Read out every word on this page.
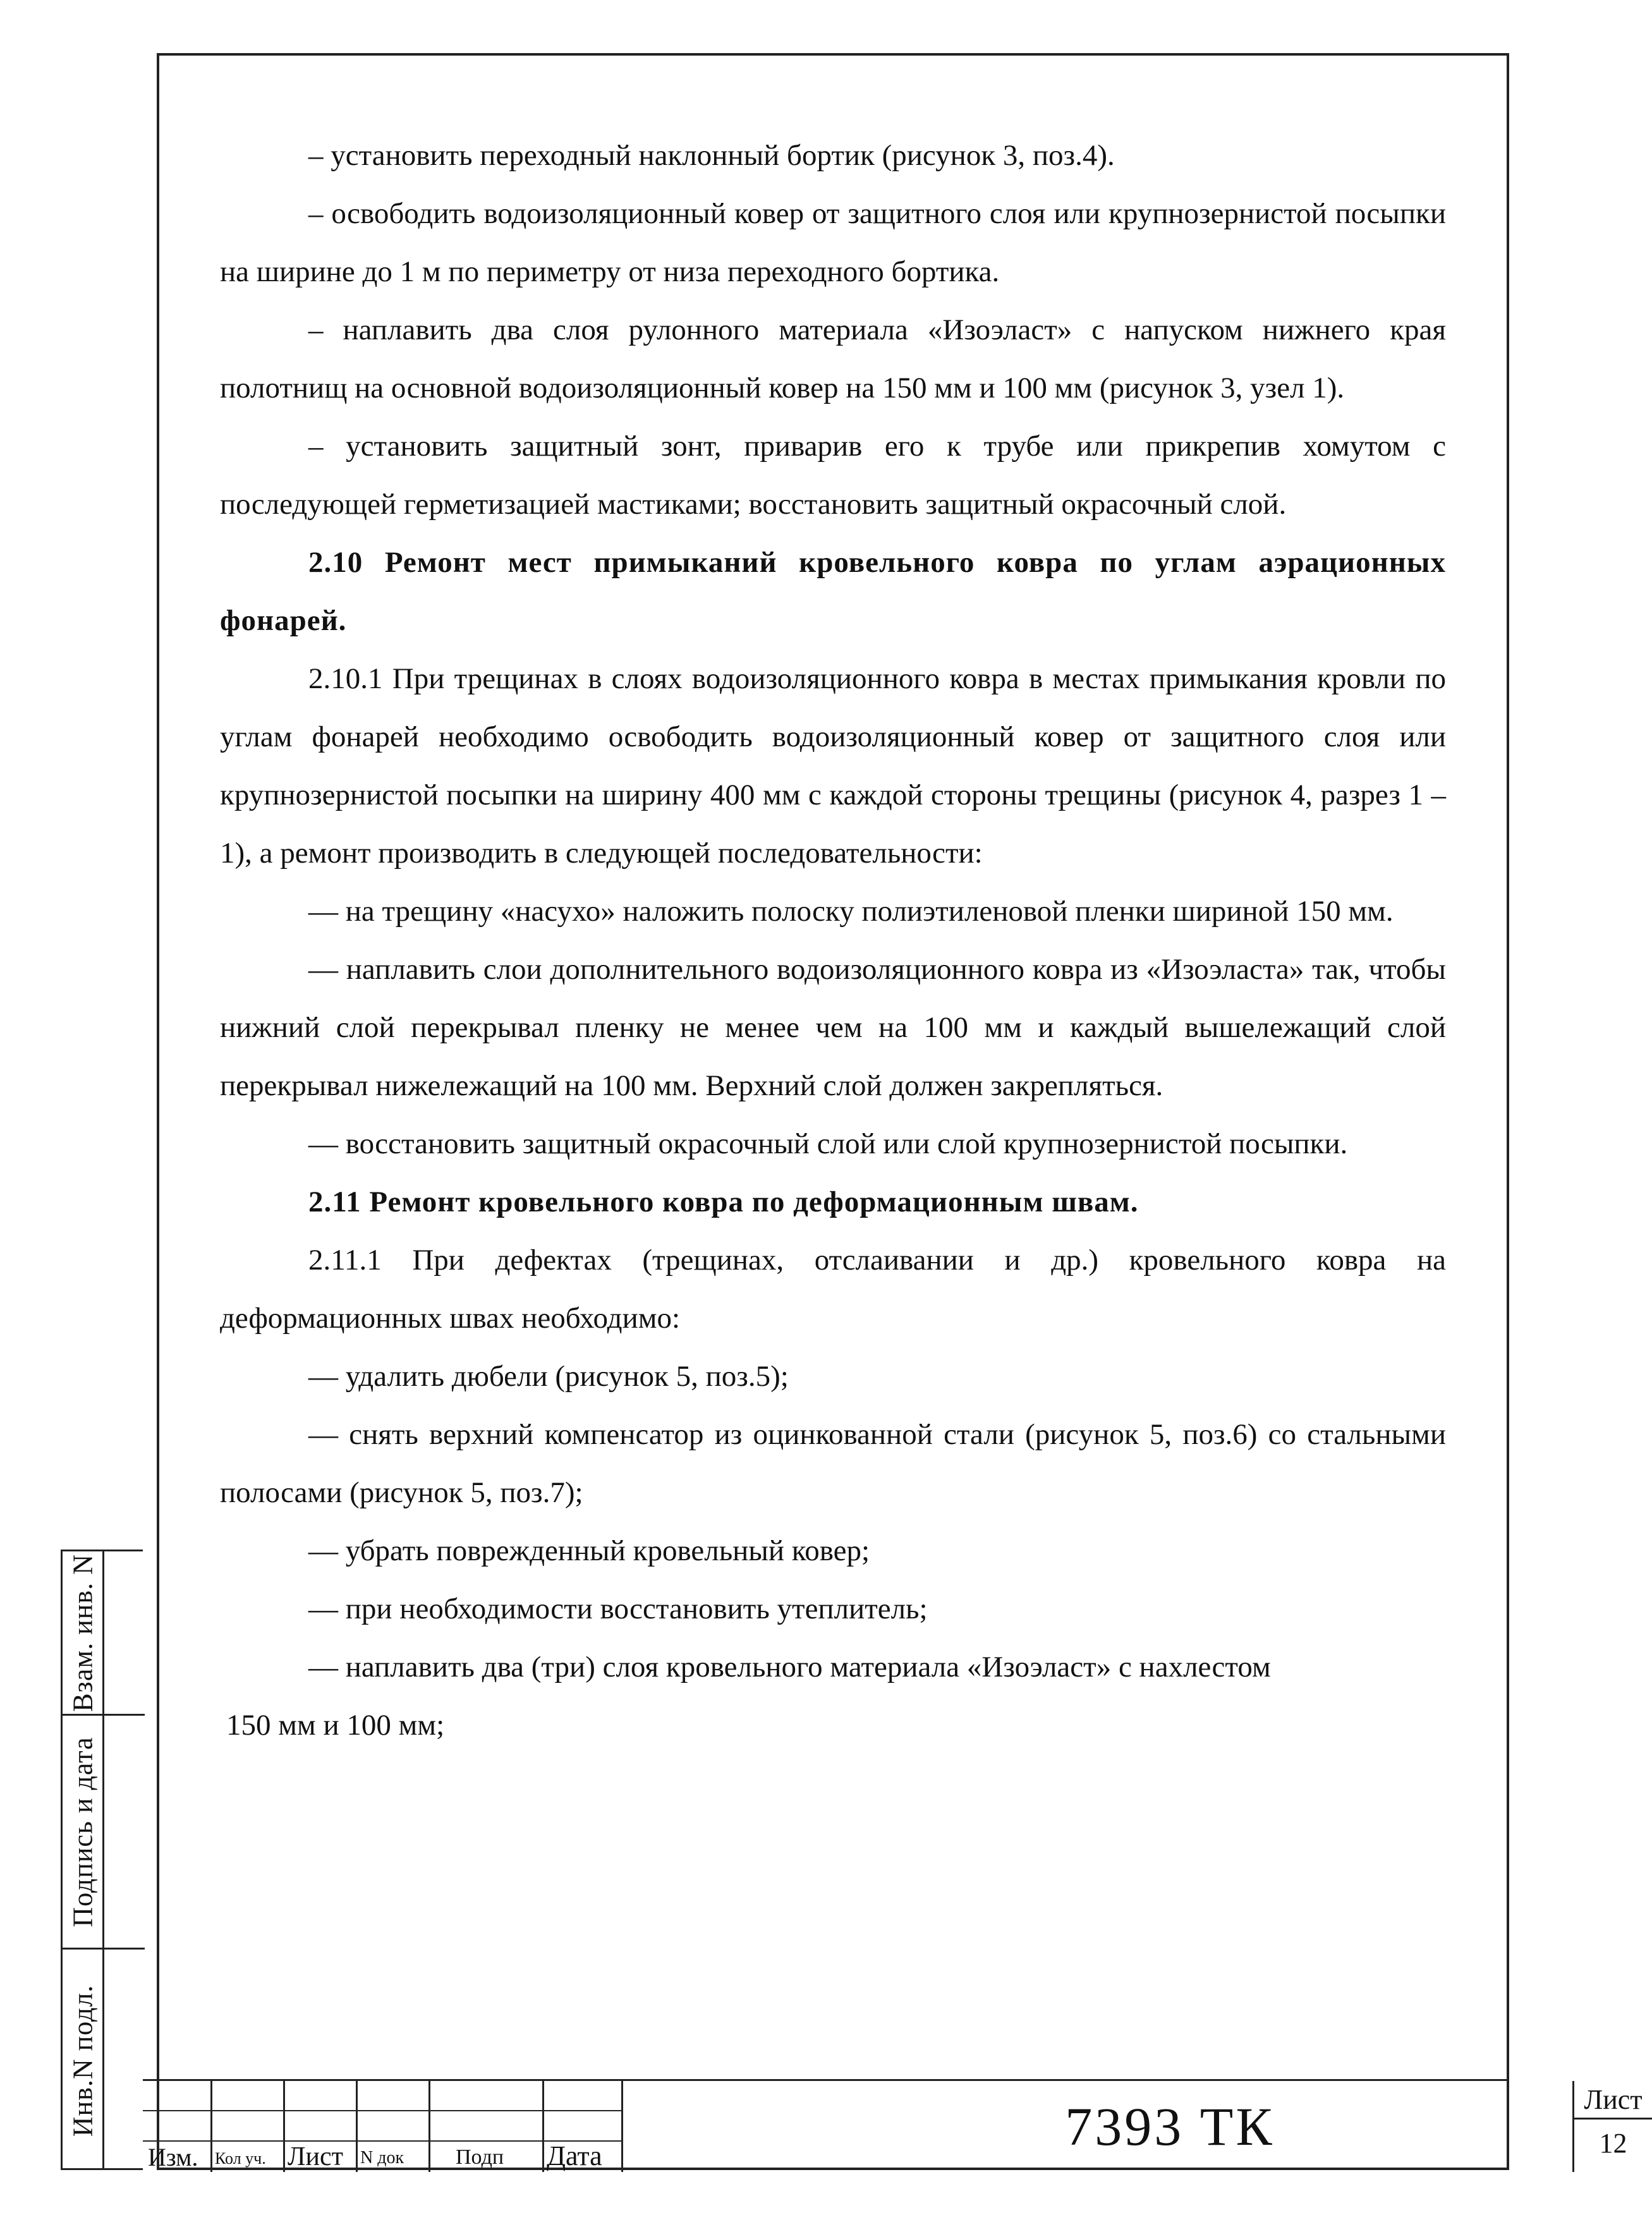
– установить переходный наклонный бортик (рисунок 3, поз.4).

– освободить водоизоляционный ковер от защитного слоя или крупнозернистой посыпки на ширине до 1 м по периметру от низа переходного бортика.

– наплавить два слоя рулонного материала «Изоэласт» с напуском нижнего края полотнищ на основной водоизоляционный ковер на 150 мм и 100 мм (рисунок 3, узел 1).

– установить защитный зонт, приварив его к трубе или прикрепив хомутом с последующей герметизацией мастиками; восстановить защитный окрасочный слой.

2.10 Ремонт мест примыканий кровельного ковра по углам аэрационных фонарей.

2.10.1 При трещинах в слоях водоизоляционного ковра в местах примыкания кровли по углам фонарей необходимо освободить водоизоляционный ковер от защитного слоя или крупнозернистой посыпки на ширину 400 мм с каждой стороны трещины (рисунок 4, разрез 1 – 1), а ремонт производить в следующей последовательности:

— на трещину «насухо» наложить полоску полиэтиленовой пленки шириной 150 мм.

— наплавить слои дополнительного водоизоляционного ковра из «Изоэласта» так, чтобы нижний слой перекрывал пленку не менее чем на 100 мм и каждый вышележащий слой перекрывал нижележащий на 100 мм. Верхний слой должен закрепляться.

— восстановить защитный окрасочный слой или слой крупнозернистой посыпки.

2.11 Ремонт кровельного ковра по деформационным швам.

2.11.1 При дефектах (трещинах, отслаивании и др.) кровельного ковра на деформационных швах необходимо:

— удалить дюбели (рисунок 5, поз.5);

— снять верхний компенсатор из оцинкованной стали (рисунок 5, поз.6) со стальными полосами (рисунок 5, поз.7);

— убрать поврежденный кровельный ковер;

— при необходимости восстановить утеплитель;

— наплавить два (три) слоя кровельного материала «Изоэласт» с нахлестом

150 мм и 100 мм;

Взам. инв. N
Подпись и дата
Инв.N подл.
Изм. Кол уч. Лист N док Подп Дата	7393 ТК	Лист
12
